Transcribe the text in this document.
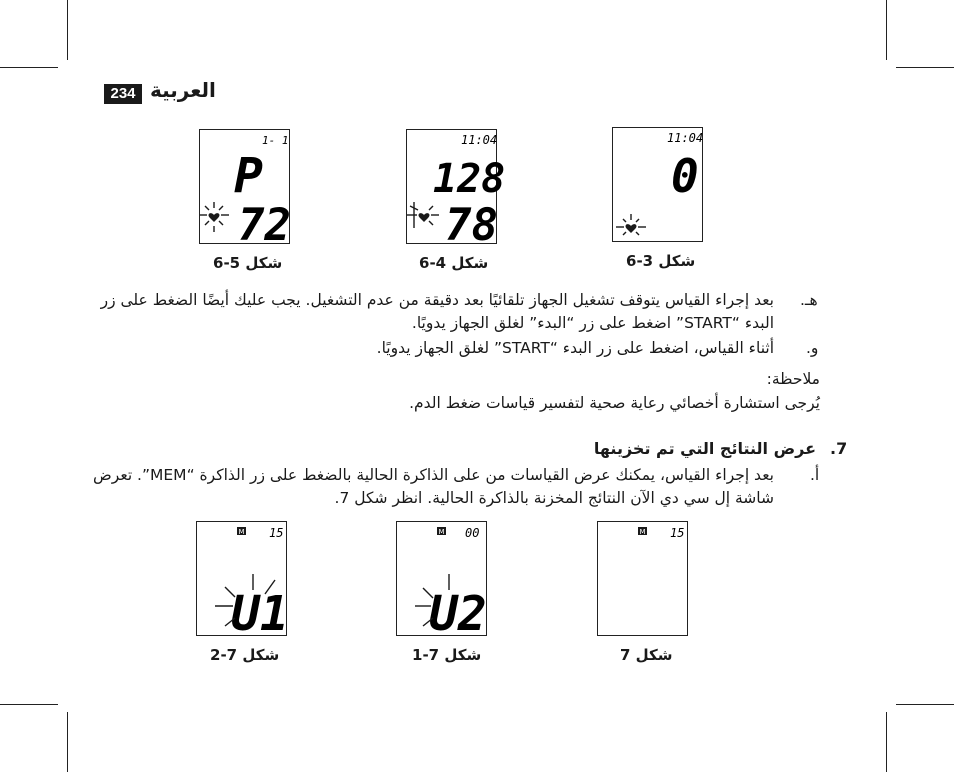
234 العربية
1- 1
P
72
11:04
128
78
11:04
0
شكل 5-6	شكل 4-6	شكل 3-6
هـ.
بعد إجراء القياس يتوقف تشغيل الجهاز تلقائيًا بعد دقيقة من عدم التشغيل. يجب عليك أيضًا الضغط على زر
البدء “START” اضغط على زر “البدء” لغلق الجهاز يدويًا.
و.
أثناء القياس، اضغط على زر البدء “START” لغلق الجهاز يدويًا.
ملاحظة:
يُرجى استشارة أخصائي رعاية صحية لتفسير قياسات ضغط الدم.
7.
عرض النتائج التي تم تخزينها
أ.
بعد إجراء القياس، يمكنك عرض القياسات من على الذاكرة الحالية بالضغط على زر الذاكرة “MEM”. تعرض
شاشة إل سي دي الآن النتائج المخزنة بالذاكرة الحالية. انظر شكل 7.
M 15
U1
M 00
U2
M 15
شكل 7-2	شكل 7-1	شكل 7
